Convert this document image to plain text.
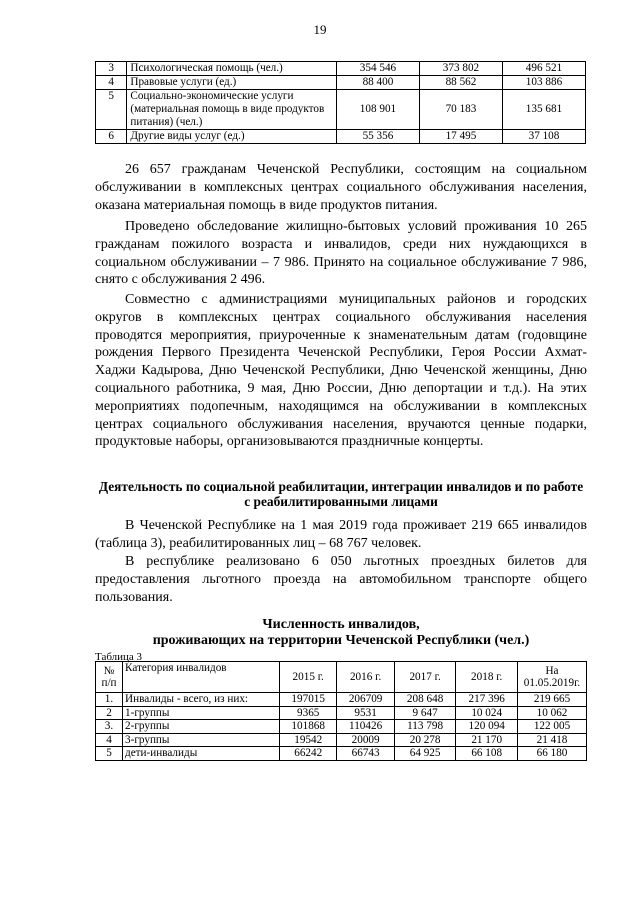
19
3	Психологическая помощь (чел.)	354 546	373 802	496 521
4	Правовые услуги (ед.)	88 400	88 562	103 886
5	Социально-экономические услуги (материальная помощь в виде продуктов питания) (чел.)	108 901	70 183	135 681
6	Другие виды услуг (ед.)	55 356	17 495	37 108

26 657 гражданам Чеченской Республики, состоящим на социальном обслуживании в комплексных центрах социального обслуживания населения, оказана материальная помощь в виде продуктов питания.

Проведено обследование жилищно-бытовых условий проживания 10 265 гражданам пожилого возраста и инвалидов, среди них нуждающихся в социальном обслуживании – 7 986. Принято на социальное обслуживание 7 986, снято с обслуживания 2 496.

Совместно с администрациями муниципальных районов и городских округов в комплексных центрах социального обслуживания населения проводятся мероприятия, приуроченные к знаменательным датам (годовщине рождения Первого Президента Чеченской Республики, Героя России Ахмат-Хаджи Кадырова, Дню Чеченской Республики, Дню Чеченской женщины, Дню социального работника, 9 мая, Дню России, Дню депортации и т.д.). На этих мероприятиях подопечным, находящимся на обслуживании в комплексных центрах социального обслуживания населения, вручаются ценные подарки, продуктовые наборы, организовываются праздничные концерты.

Деятельность по социальной реабилитации, интеграции инвалидов и по работе с реабилитированными лицами

В Чеченской Республике на 1 мая 2019 года проживает 219 665 инвалидов (таблица 3), реабилитированных лиц – 68 767 человек.

В республике реализовано 6 050 льготных проездных билетов для предоставления льготного проезда на автомобильном транспорте общего пользования.

Численность инвалидов,
проживающих на территории Чеченской Республики (чел.)

Таблица 3
№ п/п	Категория инвалидов	2015 г.	2016 г.	2017 г.	2018 г.	На 01.05.2019г.
1.	Инвалиды - всего, из них:	197015	206709	208 648	217 396	219 665
2	1-группы	9365	9531	9 647	10 024	10 062
3.	2-группы	101868	110426	113 798	120 094	122 005
4	3-группы	19542	20009	20 278	21 170	21 418
5	дети-инвалиды	66242	66743	64 925	66 108	66 180
